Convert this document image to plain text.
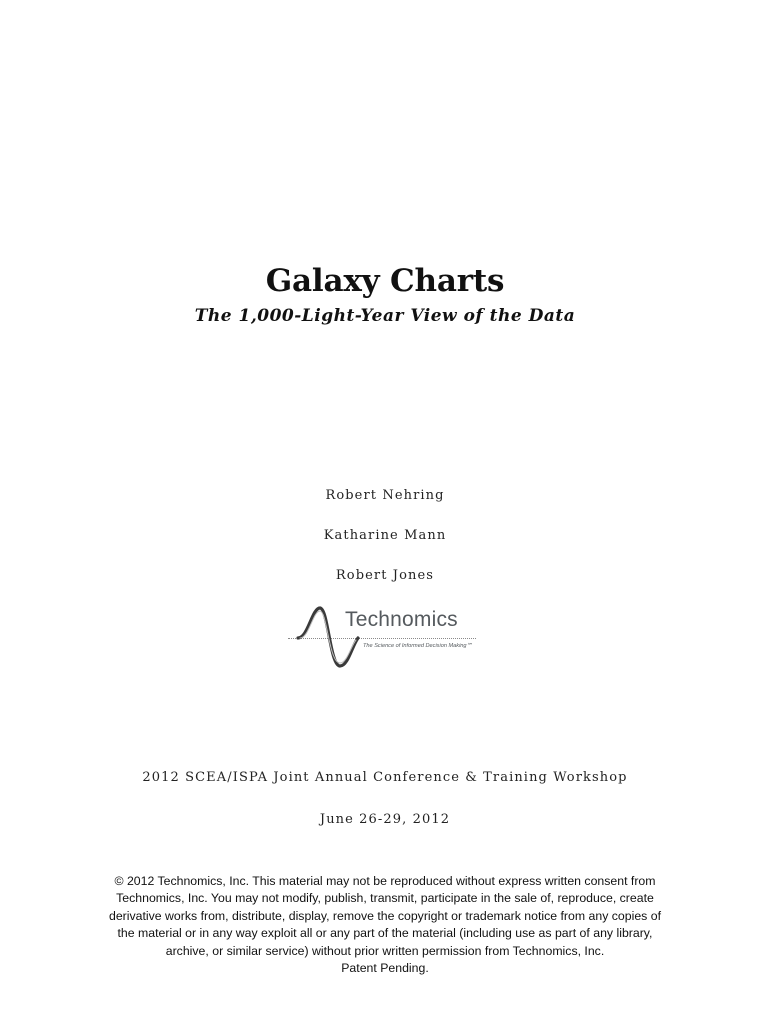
Galaxy Charts
The 1,000-Light-Year View of the Data

Robert Nehring

Katharine Mann

Robert Jones

Technomics
The Science of Informed Decision Making℠

2012 SCEA/ISPA Joint Annual Conference & Training Workshop

June 26-29, 2012

© 2012 Technomics, Inc. This material may not be reproduced without express written consent from
Technomics, Inc. You may not modify, publish, transmit, participate in the sale of, reproduce, create
derivative works from, distribute, display, remove the copyright or trademark notice from any copies of
the material or in any way exploit all or any part of the material (including use as part of any library,
archive, or similar service) without prior written permission from Technomics, Inc.
Patent Pending.
